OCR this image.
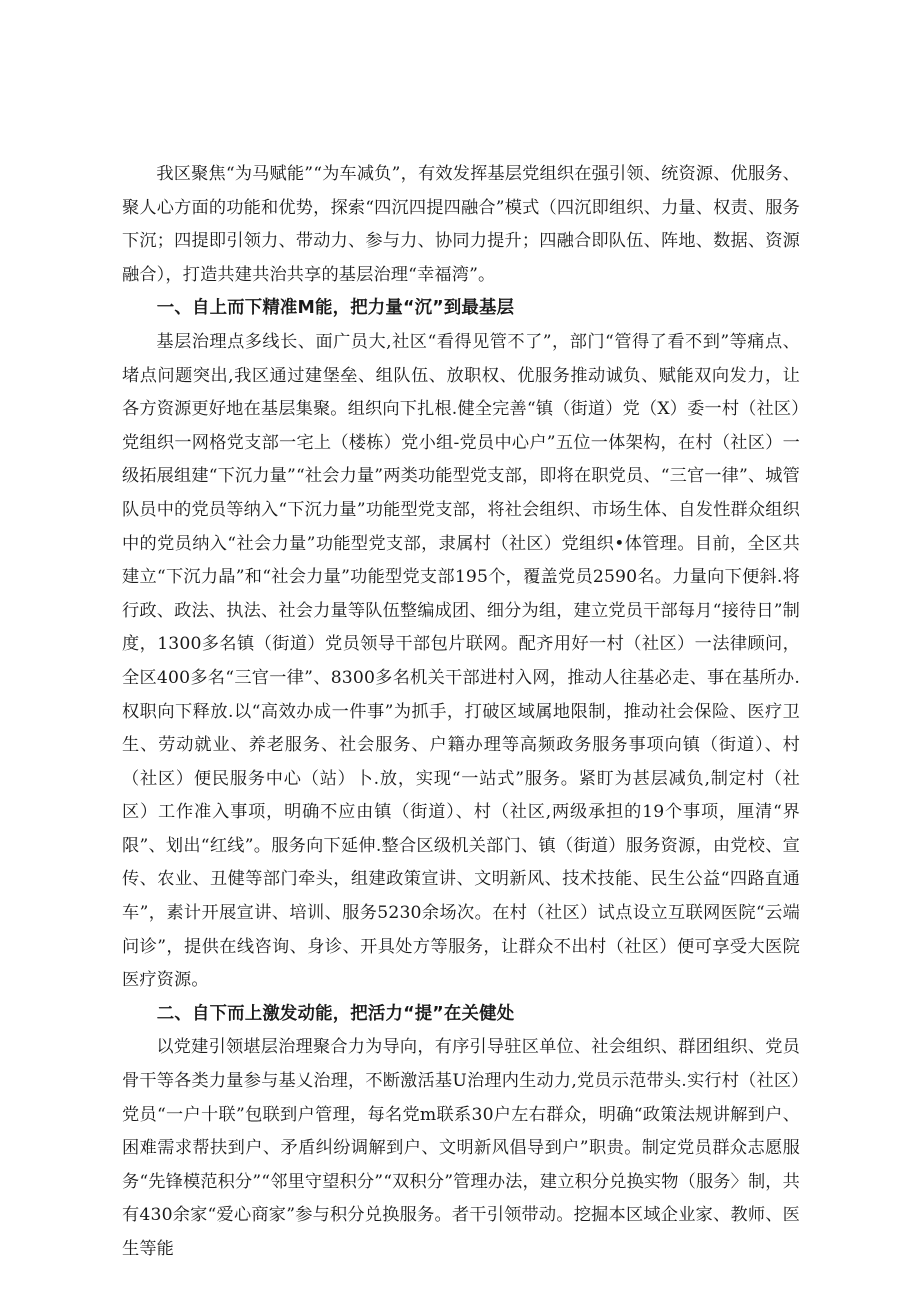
我区聚焦“为马赋能”“为车减负”，有效发挥基层党组织在强引领、统资源、优服务、聚人心方面的功能和优势，探索“四沉四提四融合”模式（四沉即组织、力量、权责、服务下沉；四提即引领力、带动力、参与力、协同力提升；四融合即队伍、阵地、数据、资源融合），打造共建共治共享的基层治理“幸福湾”。

一、自上而下精准M能，把力量“沉”到最基层

基层治理点多线长、面广员大,社区“看得见管不了”，部门“管得了看不到”等痛点、堵点问题突出,我区通过建堡垒、组队伍、放职权、优服务推动诚负、赋能双向发力，让各方资源更好地在基层集聚。组织向下扎根.健全完善“镇（街道）党（X）委一村（社区）党组织一网格党支部一宅上（楼栋）党小组-党员中心户”五位一体架构，在村（社区）一级拓展组建“下沉力量”“社会力量”两类功能型党支部，即将在职党员、“三官一律”、城管队员中的党员等纳入“下沉力量”功能型党支部，将社会组织、市场生体、自发性群众组织中的党员纳入“社会力量”功能型党支部，隶属村（社区）党组织•体管理。目前，全区共建立“下沉力晶”和“社会力量”功能型党支部195个，覆盖党员2590名。力量向下便斜.将行政、政法、执法、社会力量等队伍整编成团、细分为组，建立党员干部每月“接待日”制度，1300多名镇（街道）党员领导干部包片联网。配齐用好一村（社区）一法律顾问，全区400多名“三官一律”、8300多名机关干部进村入网，推动人往基必走、事在基所办.权职向下释放.以“高效办成一件事”为抓手，打破区域属地限制，推动社会保险、医疗卫生、劳动就业、养老服务、社会服务、户籍办理等高频政务服务事项向镇（街道）、村（社区）便民服务中心（站）卜.放，实现“一站式”服务。紧盯为甚层减负,制定村（社区）工作准入事项，明确不应由镇（街道）、村（社区,两级承担的19个事项，厘清“界限”、划出“红线”。服务向下延伸.整合区级机关部门、镇（街道）服务资源，由党校、宣传、农业、丑健等部门牵头，组建政策宣讲、文明新风、技术技能、民生公益“四路直通车”，素计开展宣讲、培训、服务5230余场次。在村（社区）试点设立互联网医院“云端问诊”，提供在线咨询、身诊、开具处方等服务，让群众不出村（社区）便可享受大医院医疗资源。

二、自下而上激发动能，把活力“提”在关健处

以党建引领堪层治理聚合力为导向，有序引导驻区单位、社会组织、群团组织、党员骨干等各类力量参与基乂治理，不断激活基U治理内生动力,党员示范带头.实行村（社区）党员“一户十联”包联到户管理，每名党m联系30户左右群众，明确“政策法规讲解到户、困难需求帮扶到户、矛盾纠纷调解到户、文明新风倡导到户”职贵。制定党员群众志愿服务“先锋模范积分”“邻里守望积分”“双积分”管理办法，建立积分兑换实物（服务〉制，共有430余家“爱心商家”参与积分兑换服务。者干引领带动。挖掘本区域企业家、教师、医生等能
